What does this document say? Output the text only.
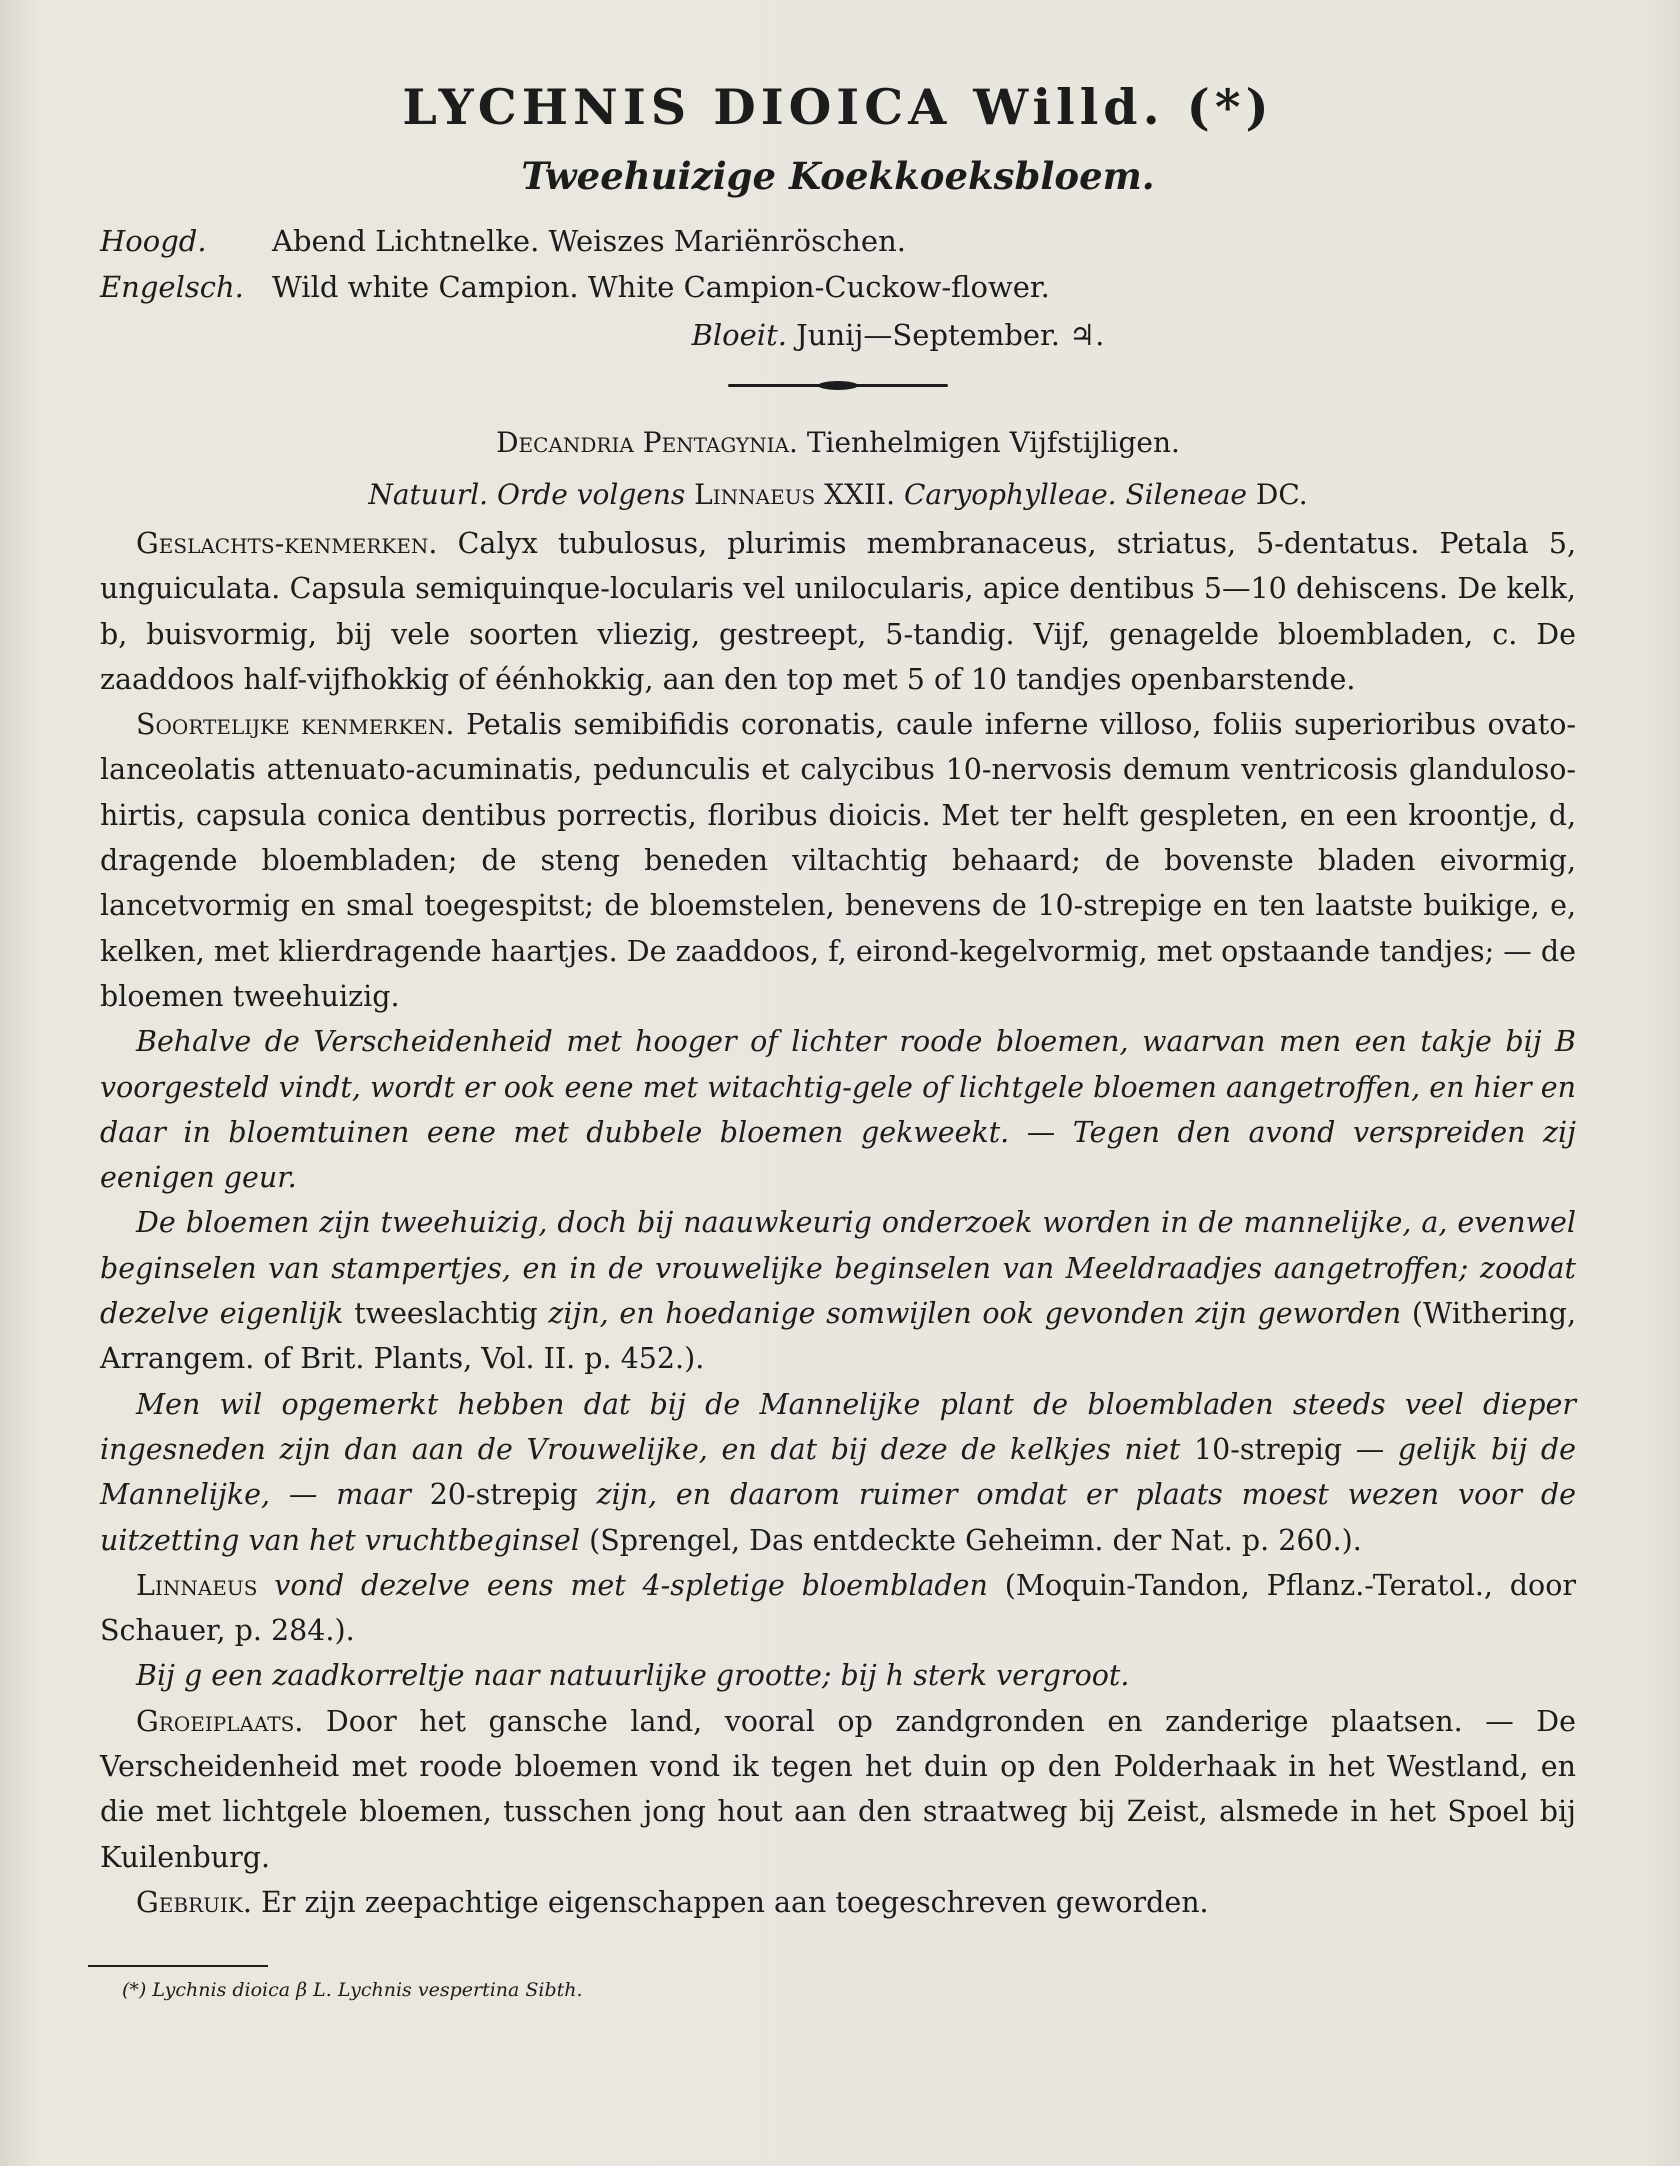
LYCHNIS DIOICA Willd. (*)
Tweehuizige Koekkoeksbloem.
Hoogd.	Abend Lichtnelke. Weiszes Mariënröschen.
Engelsch. Wild white Campion. White Campion-Cuckow-flower.
Bloeit. Junij—September. ♃.
Decandria Pentagynia. Tienhelmigen Vijfstijligen.
Natuurl. Orde volgens Linnaeus XXII. Caryophylleae. Sileneae DC.

Geslachts-kenmerken. Calyx tubulosus, plurimis membranaceus, striatus, 5-dentatus. Petala 5, unguiculata. Capsula semiquinque-locularis vel unilocularis, apice dentibus 5—10 dehiscens. De kelk, b, buisvormig, bij vele soorten vliezig, gestreept, 5-tandig. Vijf, genagelde bloembladen, c. De zaaddoos half-vijfhokkig of éénhokkig, aan den top met 5 of 10 tandjes openbarstende.

Soortelijke kenmerken. Petalis semibifidis coronatis, caule inferne villoso, foliis superioribus ovato-lanceolatis attenuato-acuminatis, pedunculis et calycibus 10-nervosis demum ventricosis glanduloso-hirtis, capsula conica dentibus porrectis, floribus dioicis. Met ter helft gespleten, en een kroontje, d, dragende bloembladen; de steng beneden viltachtig behaard; de bovenste bladen eivormig, lancetvormig en smal toegespitst; de bloemstelen, benevens de 10-strepige en ten laatste buikige, e, kelken, met klierdragende haartjes. De zaaddoos, f, eirond-kegelvormig, met opstaande tandjes; — de bloemen tweehuizig.

Behalve de Verscheidenheid met hooger of lichter roode bloemen, waarvan men een takje bij B voorgesteld vindt, wordt er ook eene met witachtig-gele of lichtgele bloemen aangetroffen, en hier en daar in bloemtuinen eene met dubbele bloemen gekweekt. — Tegen den avond verspreiden zij eenigen geur.

De bloemen zijn tweehuizig, doch bij naauwkeurig onderzoek worden in de mannelijke, a, evenwel beginselen van stampertjes, en in de vrouwelijke beginselen van Meeldraadjes aangetroffen; zoodat dezelve eigenlijk tweeslachtig zijn, en hoedanige somwijlen ook gevonden zijn geworden (Withering, Arrangem. of Brit. Plants, Vol. II. p. 452.).

Men wil opgemerkt hebben dat bij de Mannelijke plant de bloembladen steeds veel dieper ingesneden zijn dan aan de Vrouwelijke, en dat bij deze de kelkjes niet 10-strepig — gelijk bij de Mannelijke, — maar 20-strepig zijn, en daarom ruimer omdat er plaats moest wezen voor de uitzetting van het vruchtbeginsel (Sprengel, Das entdeckte Geheimn. der Nat. p. 260.).

Linnaeus vond dezelve eens met 4-spletige bloembladen (Moquin-Tandon, Pflanz.-Teratol., door Schauer, p. 284.).

Bij g een zaadkorreltje naar natuurlijke grootte; bij h sterk vergroot.

Groeiplaats. Door het gansche land, vooral op zandgronden en zanderige plaatsen. — De Verscheidenheid met roode bloemen vond ik tegen het duin op den Polderhaak in het Westland, en die met lichtgele bloemen, tusschen jong hout aan den straatweg bij Zeist, alsmede in het Spoel bij Kuilenburg.

Gebruik. Er zijn zeepachtige eigenschappen aan toegeschreven geworden.

(*) Lychnis dioica β L. Lychnis vespertina Sibth.
